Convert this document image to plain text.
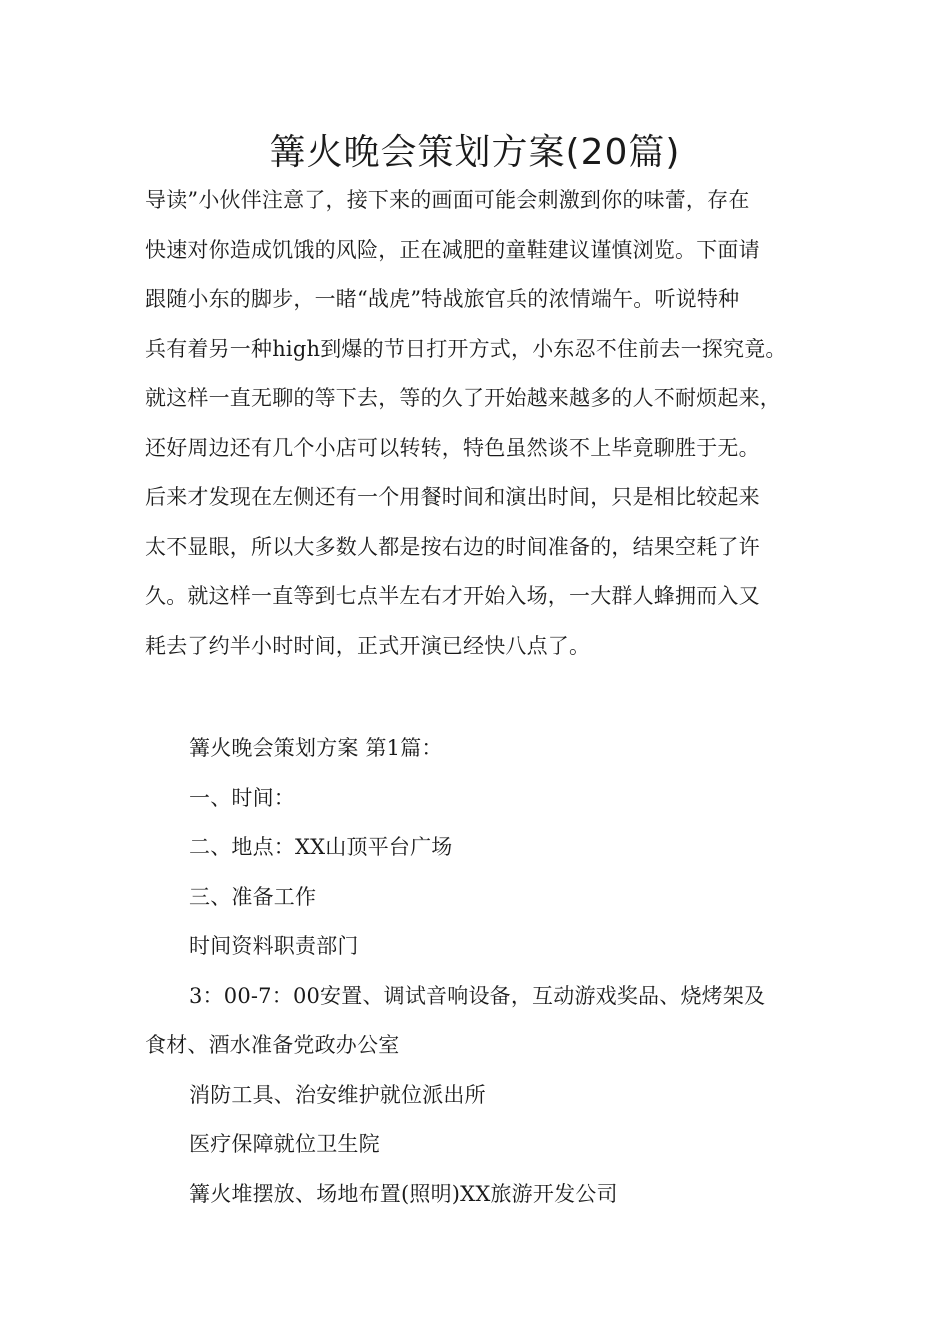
篝火晚会策划方案(20篇)
导读”小伙伴注意了，接下来的画面可能会刺激到你的味蕾，存在
快速对你造成饥饿的风险，正在减肥的童鞋建议谨慎浏览。下面请
跟随小东的脚步，一睹“战虎”特战旅官兵的浓情端午。听说特种
兵有着另一种high到爆的节日打开方式，小东忍不住前去一探究竟。
就这样一直无聊的等下去，等的久了开始越来越多的人不耐烦起来，
还好周边还有几个小店可以转转，特色虽然谈不上毕竟聊胜于无。
后来才发现在左侧还有一个用餐时间和演出时间，只是相比较起来
太不显眼，所以大多数人都是按右边的时间准备的，结果空耗了许
久。就这样一直等到七点半左右才开始入场，一大群人蜂拥而入又
耗去了约半小时时间，正式开演已经快八点了。
篝火晚会策划方案 第1篇：
一、时间：
二、地点：XX山顶平台广场
三、准备工作
时间资料职责部门
3：00-7：00安置、调试音响设备，互动游戏奖品、烧烤架及
食材、酒水准备党政办公室
消防工具、治安维护就位派出所
医疗保障就位卫生院
篝火堆摆放、场地布置(照明)XX旅游开发公司
